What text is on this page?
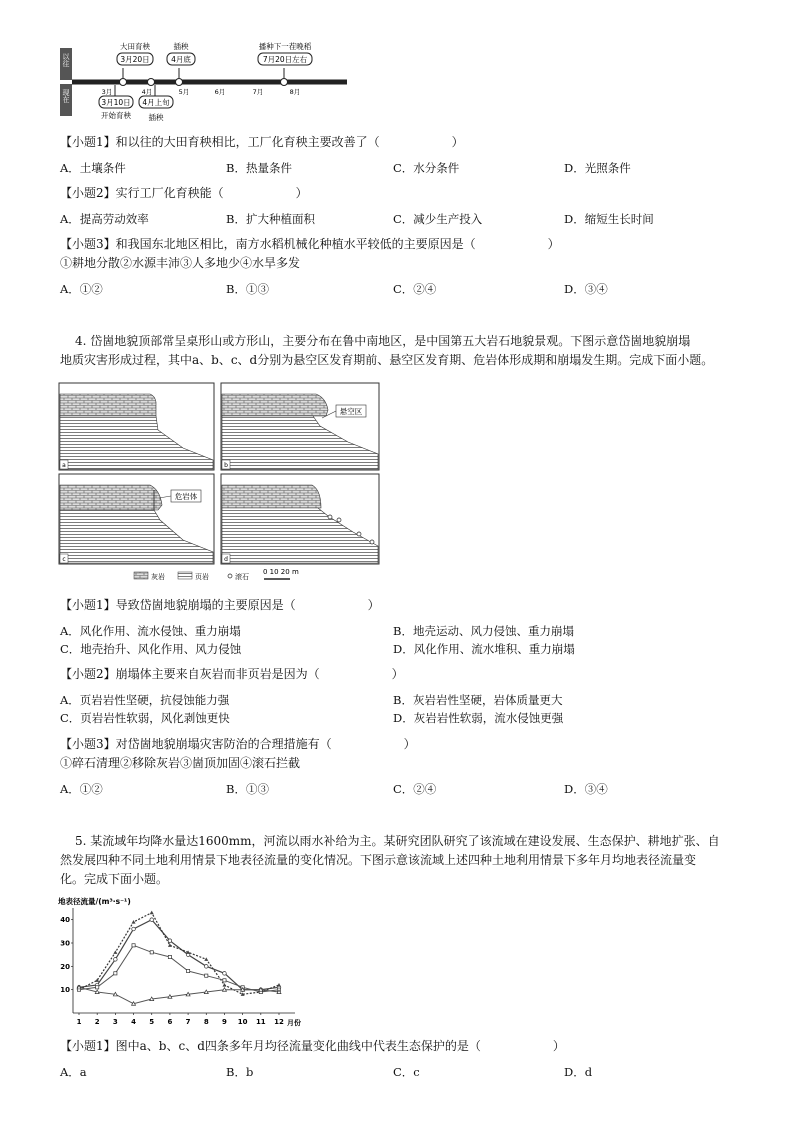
以往
现在
大田育秧
3月20日
插秧
4月底
播种下一茬晚稻
7月20日左右
3月	4月	5月	6月	7月	8月
3月10日
开始育秧
4月上旬
插秧
【小题1】和以往的大田育秧相比，工厂化育秧主要改善了（　　　　　　）
A．土壤条件	B．热量条件	C．水分条件	D．光照条件
【小题2】实行工厂化育秧能（　　　　　　）
A．提高劳动效率	B．扩大种植面积	C．减少生产投入	D．缩短生长时间
【小题3】和我国东北地区相比，南方水稻机械化种植水平较低的主要原因是（　　　　　　）
①耕地分散②水源丰沛③人多地少④水旱多发
A．①②	B．①③	C．②④	D．③④
4. 岱崮地貌顶部常呈桌形山或方形山，主要分布在鲁中南地区，是中国第五大岩石地貌景观。下图示意岱崮地貌崩塌
地质灾害形成过程，其中a、b、c、d分别为悬空区发育期前、悬空区发育期、危岩体形成期和崩塌发生期。完成下面小题。
a
悬空区
b
危岩体
c	d
灰岩	页岩	滚石
0 10 20 m
【小题1】导致岱崮地貌崩塌的主要原因是（　　　　　　）
A．风化作用、流水侵蚀、重力崩塌	B．地壳运动、风力侵蚀、重力崩塌
C．地壳抬升、风化作用、风力侵蚀	D．风化作用、流水堆积、重力崩塌
【小题2】崩塌体主要来自灰岩而非页岩是因为（　　　　　　）
A．页岩岩性坚硬，抗侵蚀能力强	B．灰岩岩性坚硬，岩体质量更大
C．页岩岩性软弱，风化剥蚀更快	D．灰岩岩性软弱，流水侵蚀更强
【小题3】对岱崮地貌崩塌灾害防治的合理措施有（　　　　　　）
①碎石清理②移除灰岩③崮顶加固④滚石拦截
A．①②	B．①③	C．②④	D．③④
5. 某流域年均降水量达1600mm，河流以雨水补给为主。某研究团队研究了该流域在建设发展、生态保护、耕地扩张、自
然发展四种不同土地利用情景下地表径流量的变化情况。下图示意该流域上述四种土地利用情景下多年月均地表径流量变
化。完成下面小题。
地表径流量/(m³·s⁻¹)
10
20
30
40
1 2 3 4 5 6 7 8 9 10 11 12 月份
【小题1】图中a、b、c、d四条多年月均径流量变化曲线中代表生态保护的是（　　　　　　）
A．a	B．b	C．c	D．d
